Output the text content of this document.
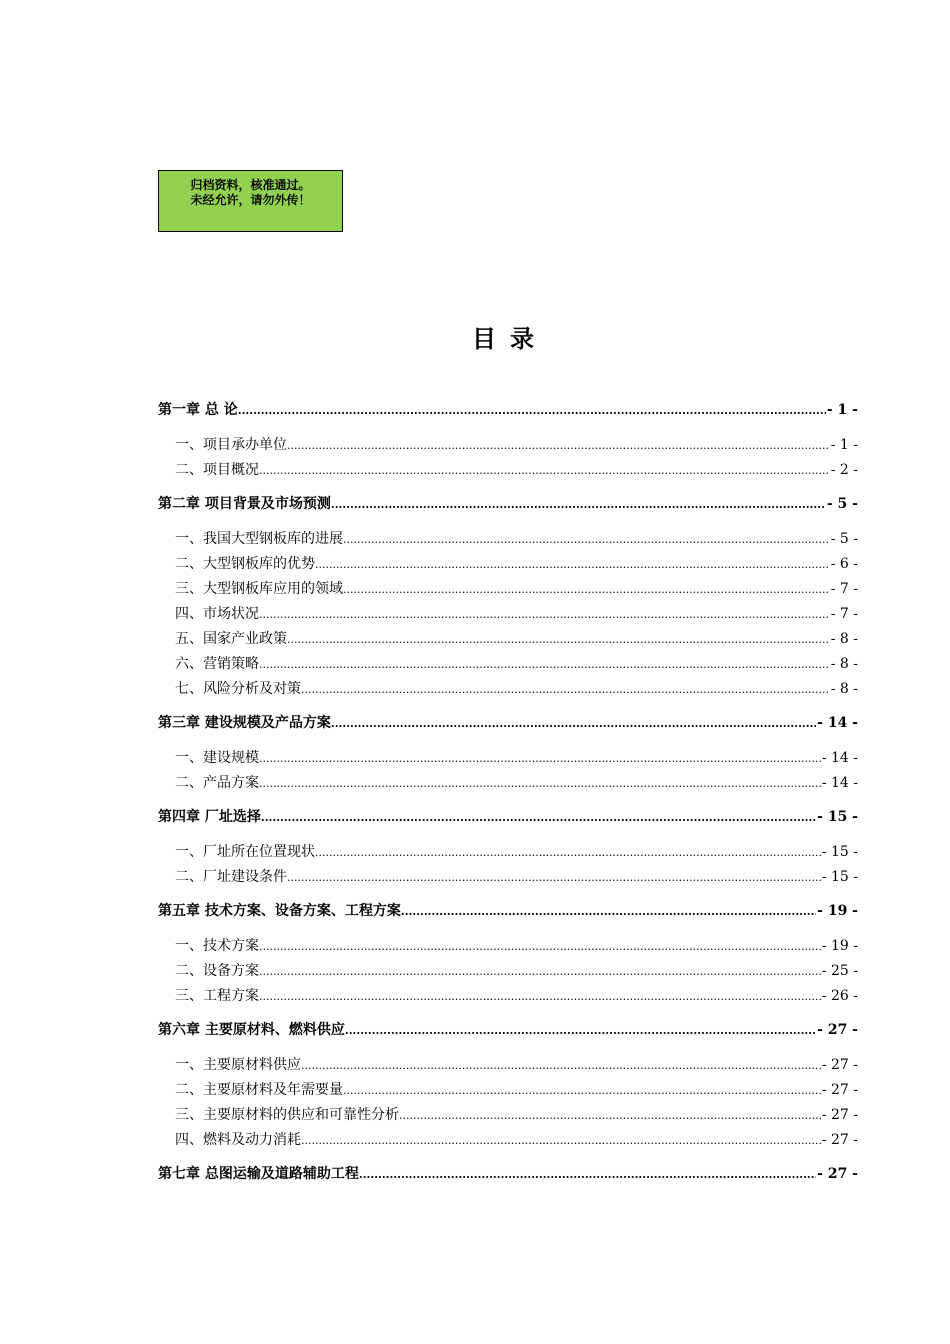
归档资料，核准通过。
未经允许，请勿外传！
目录
第一章 总 论 .....	- 1 -
一、项目承办单位 .....	- 1 -
二、项目概况 .....	- 2 -
第二章 项目背景及市场预测 .....	- 5 -
一、我国大型钢板库的进展 .....	- 5 -
二、大型钢板库的优势 .....	- 6 -
三、大型钢板库应用的领域 .....	- 7 -
四、市场状况 .....	- 7 -
五、国家产业政策 .....	- 8 -
六、营销策略 .....	- 8 -
七、风险分析及对策 .....	- 8 -
第三章 建设规模及产品方案 .....	- 14 -
一、建设规模 .....	- 14 -
二、产品方案 .....	- 14 -
第四章 厂址选择 .....	- 15 -
一、厂址所在位置现状 .....	- 15 -
二、厂址建设条件 .....	- 15 -
第五章 技术方案、设备方案、工程方案 .....	- 19 -
一、技术方案 .....	- 19 -
二、设备方案 .....	- 25 -
三、工程方案 .....	- 26 -
第六章 主要原材料、燃料供应 .....	- 27 -
一、主要原材料供应 .....	- 27 -
二、主要原材料及年需要量 .....	- 27 -
三、主要原材料的供应和可靠性分析 .....	- 27 -
四、燃料及动力消耗 .....	- 27 -
第七章 总图运输及道路辅助工程 .....	- 27 -
